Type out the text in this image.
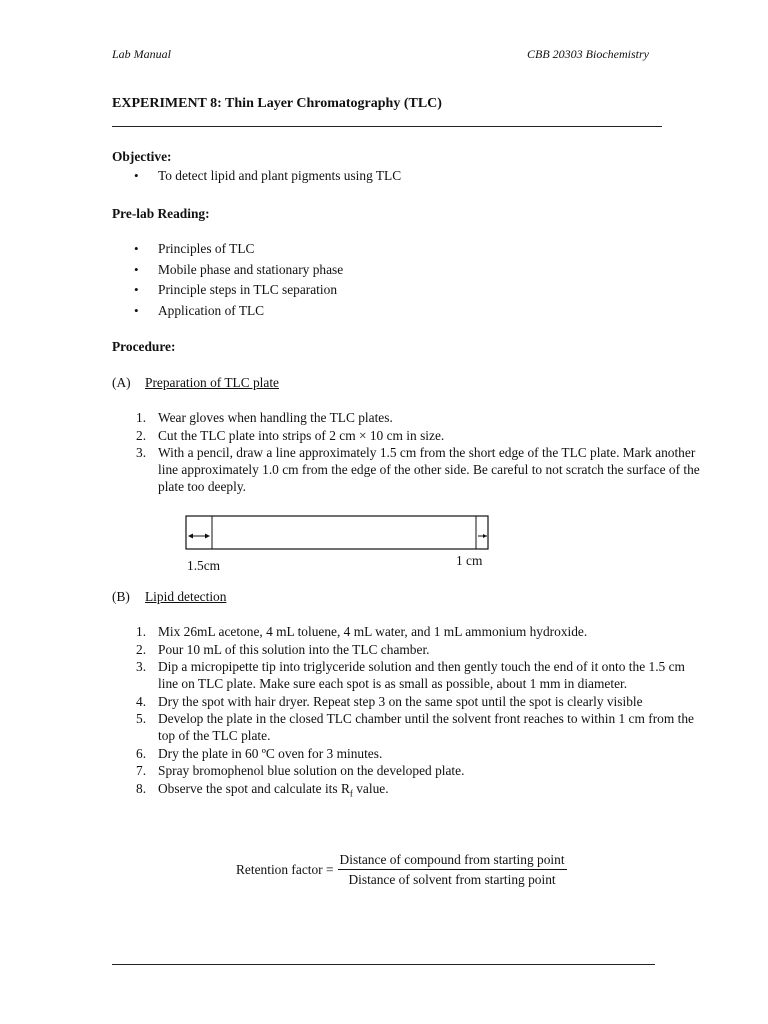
Lab Manual	CBB 20303 Biochemistry
EXPERIMENT 8: Thin Layer Chromatography (TLC)
Objective:
• To detect lipid and plant pigments using TLC
Pre-lab Reading:
• Principles of TLC
• Mobile phase and stationary phase
• Principle steps in TLC separation
• Application of TLC
Procedure:
(A) Preparation of TLC plate
1. Wear gloves when handling the TLC plates.
2. Cut the TLC plate into strips of 2 cm × 10 cm in size.
3. With a pencil, draw a line approximately 1.5 cm from the short edge of the TLC plate. Mark another line approximately 1.0 cm from the edge of the other side. Be careful to not scratch the surface of the plate too deeply.
1.5cm	1 cm
(B) Lipid detection
1. Mix 26mL acetone, 4 mL toluene, 4 mL water, and 1 mL ammonium hydroxide.
2. Pour 10 mL of this solution into the TLC chamber.
3. Dip a micropipette tip into triglyceride solution and then gently touch the end of it onto the 1.5 cm line on TLC plate. Make sure each spot is as small as possible, about 1 mm in diameter.
4. Dry the spot with hair dryer. Repeat step 3 on the same spot until the spot is clearly visible
5. Develop the plate in the closed TLC chamber until the solvent front reaches to within 1 cm from the top of the TLC plate.
6. Dry the plate in 60 ºC oven for 3 minutes.
7. Spray bromophenol blue solution on the developed plate.
8. Observe the spot and calculate its $R_f$ value.
Retention factor = $\frac{\text{Distance of compound from starting point}}{\text{Distance of solvent from starting point}}$
